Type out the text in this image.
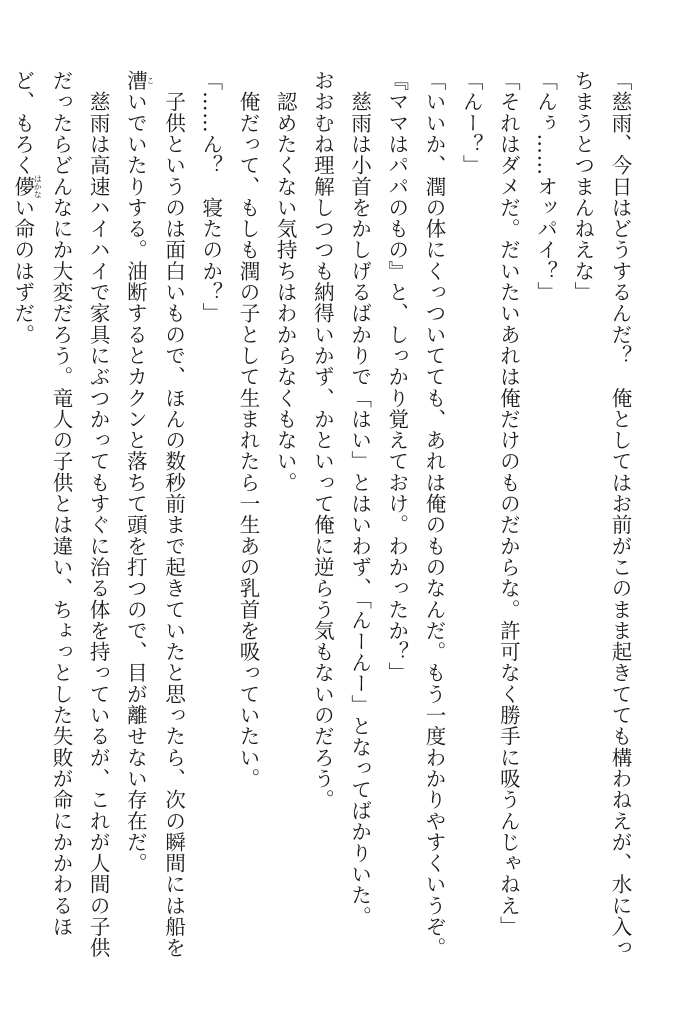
「慈雨、今日はどうするんだ？　俺としてはお前がこのまま起きてても構わねえが、水に入っ
ちまうとつまんねえな」
「んぅ……オッパイ？」
「それはダメだ。だいたいあれは俺だけのものだからな。許可なく勝手に吸うんじゃねえ」
「んー？」
「いいか、潤の体にくっついてても、あれは俺のものなんだ。もう一度わかりやすくいうぞ。
『ママはパパのもの』と、しっかり覚えておけ。わかったか？」
　慈雨は小首をかしげるばかりで「はい」とはいわず、「んーんー」となってばかりいた。
おおむね理解しつつも納得いかず、かといって俺に逆らう気もないのだろう。
　認めたくない気持ちはわからなくもない。
　俺だって、もしも潤の子として生まれたら一生あの乳首を吸っていたい。
「……ん？　寝たのか？」
　子供というのは面白いもので、ほんの数秒前まで起きていたと思ったら、次の瞬間には船を
漕こいでいたりする。油断するとカクンと落ちて頭を打つので、目が離せない存在だ。
　慈雨は高速ハイハイで家具にぶつかってもすぐに治る体を持っているが、これが人間の子供
だったらどんなにか大変だろう。竜人の子供とは違い、ちょっとした失敗が命にかかわるほ
ど、もろく儚はかない命のはずだ。
